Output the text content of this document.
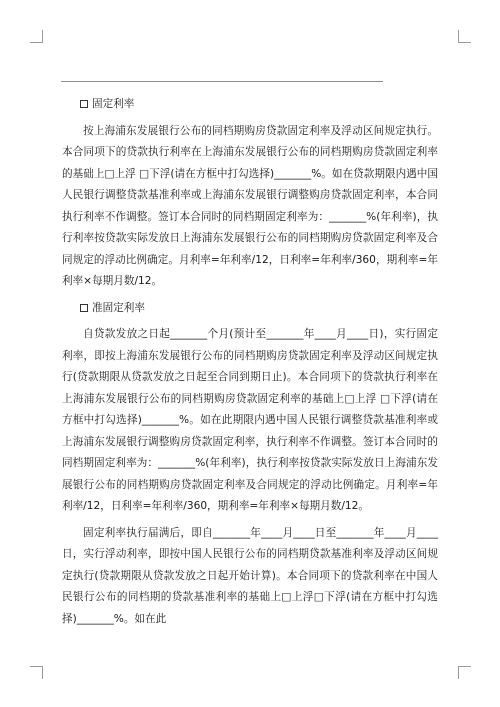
固定利率

按上海浦东发展银行公布的同档期购房贷款固定利率及浮动区间规定执行。本合同项下的贷款执行利率在上海浦东发展银行公布的同档期购房贷款固定利率的基础上□上浮 □下浮(请在方框中打勾选择)_______%。如在贷款期限内遇中国人民银行调整贷款基准利率或上海浦东发展银行调整购房贷款固定利率，本合同执行利率不作调整。签订本合同时的同档期固定利率为：_______%(年利率)，执行利率按贷款实际发放日上海浦东发展银行公布的同档期购房贷款固定利率及合同规定的浮动比例确定。月利率=年利率/12，日利率=年利率/360，期利率=年利率×每期月数/12。

准固定利率

自贷款发放之日起_______个月(预计至_______年____月____日)，实行固定利率，即按上海浦东发展银行公布的同档期购房贷款固定利率及浮动区间规定执行(贷款期限从贷款发放之日起至合同到期日止)。本合同项下的贷款执行利率在上海浦东发展银行公布的同档期购房贷款固定利率的基础上□上浮 □下浮(请在方框中打勾选择)_______%。如在此期限内遇中国人民银行调整贷款基准利率或上海浦东发展银行调整购房贷款固定利率，执行利率不作调整。签订本合同时的同档期固定利率为：_______%(年利率)，执行利率按贷款实际发放日上海浦东发展银行公布的同档期购房贷款固定利率及合同规定的浮动比例确定。月利率=年利率/12，日利率=年利率/360，期利率=年利率×每期月数/12。

固定利率执行届满后，即自_______年____月____日至_______年____月____日，实行浮动利率，即按中国人民银行公布的同档期贷款基准利率及浮动区间规定执行(贷款期限从贷款发放之日起开始计算)。本合同项下的贷款利率在中国人民银行公布的同档期的贷款基准利率的基础上□上浮□下浮(请在方框中打勾选择)_______%。如在此
